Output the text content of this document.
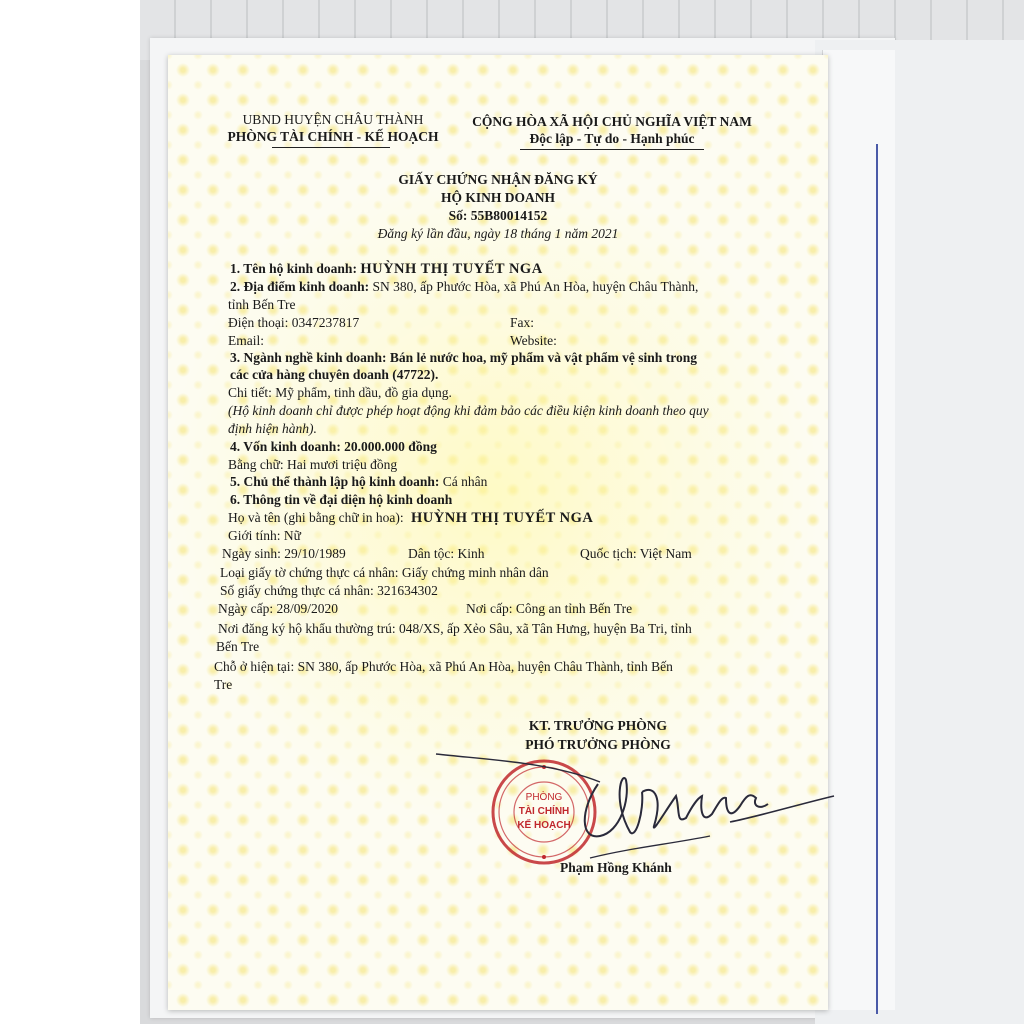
UBND HUYỆN CHÂU THÀNH
PHÒNG TÀI CHÍNH - KẾ HOẠCH
CỘNG HÒA XÃ HỘI CHỦ NGHĨA VIỆT NAM
Độc lập - Tự do - Hạnh phúc
GIẤY CHỨNG NHẬN ĐĂNG KÝ
HỘ KINH DOANH
Số: 55B80014152
Đăng ký lần đầu, ngày 18 tháng 1 năm 2021
1. Tên hộ kinh doanh: HUỲNH THỊ TUYẾT NGA
2. Địa điểm kinh doanh: SN 380, ấp Phước Hòa, xã Phú An Hòa, huyện Châu Thành,
tỉnh Bến Tre
Điện thoại: 0347237817	Fax:
Email:	Website:
3. Ngành nghề kinh doanh: Bán lẻ nước hoa, mỹ phẩm và vật phẩm vệ sinh trong
các cửa hàng chuyên doanh (47722).
Chi tiết: Mỹ phẩm, tinh dầu, đồ gia dụng.
(Hộ kinh doanh chỉ được phép hoạt động khi đảm bảo các điều kiện kinh doanh theo quy
định hiện hành).
4. Vốn kinh doanh: 20.000.000 đồng
Bằng chữ: Hai mươi triệu đồng
5. Chủ thể thành lập hộ kinh doanh: Cá nhân
6. Thông tin về đại diện hộ kinh doanh
Họ và tên (ghi bằng chữ in hoa): HUỲNH THỊ TUYẾT NGA
Giới tính: Nữ
Ngày sinh: 29/10/1989	Dân tộc: Kinh	Quốc tịch: Việt Nam
Loại giấy tờ chứng thực cá nhân: Giấy chứng minh nhân dân
Số giấy chứng thực cá nhân: 321634302
Ngày cấp: 28/09/2020	Nơi cấp: Công an tỉnh Bến Tre
Nơi đăng ký hộ khẩu thường trú: 048/XS, ấp Xẻo Sâu, xã Tân Hưng, huyện Ba Tri, tỉnh
Bến Tre
Chỗ ở hiện tại: SN 380, ấp Phước Hòa, xã Phú An Hòa, huyện Châu Thành, tỉnh Bến
Tre
KT. TRƯỞNG PHÒNG
PHÓ TRƯỞNG PHÒNG
Phạm Hồng Khánh
PHÒNG
TÀI CHÍNH
KẾ HOẠCH
